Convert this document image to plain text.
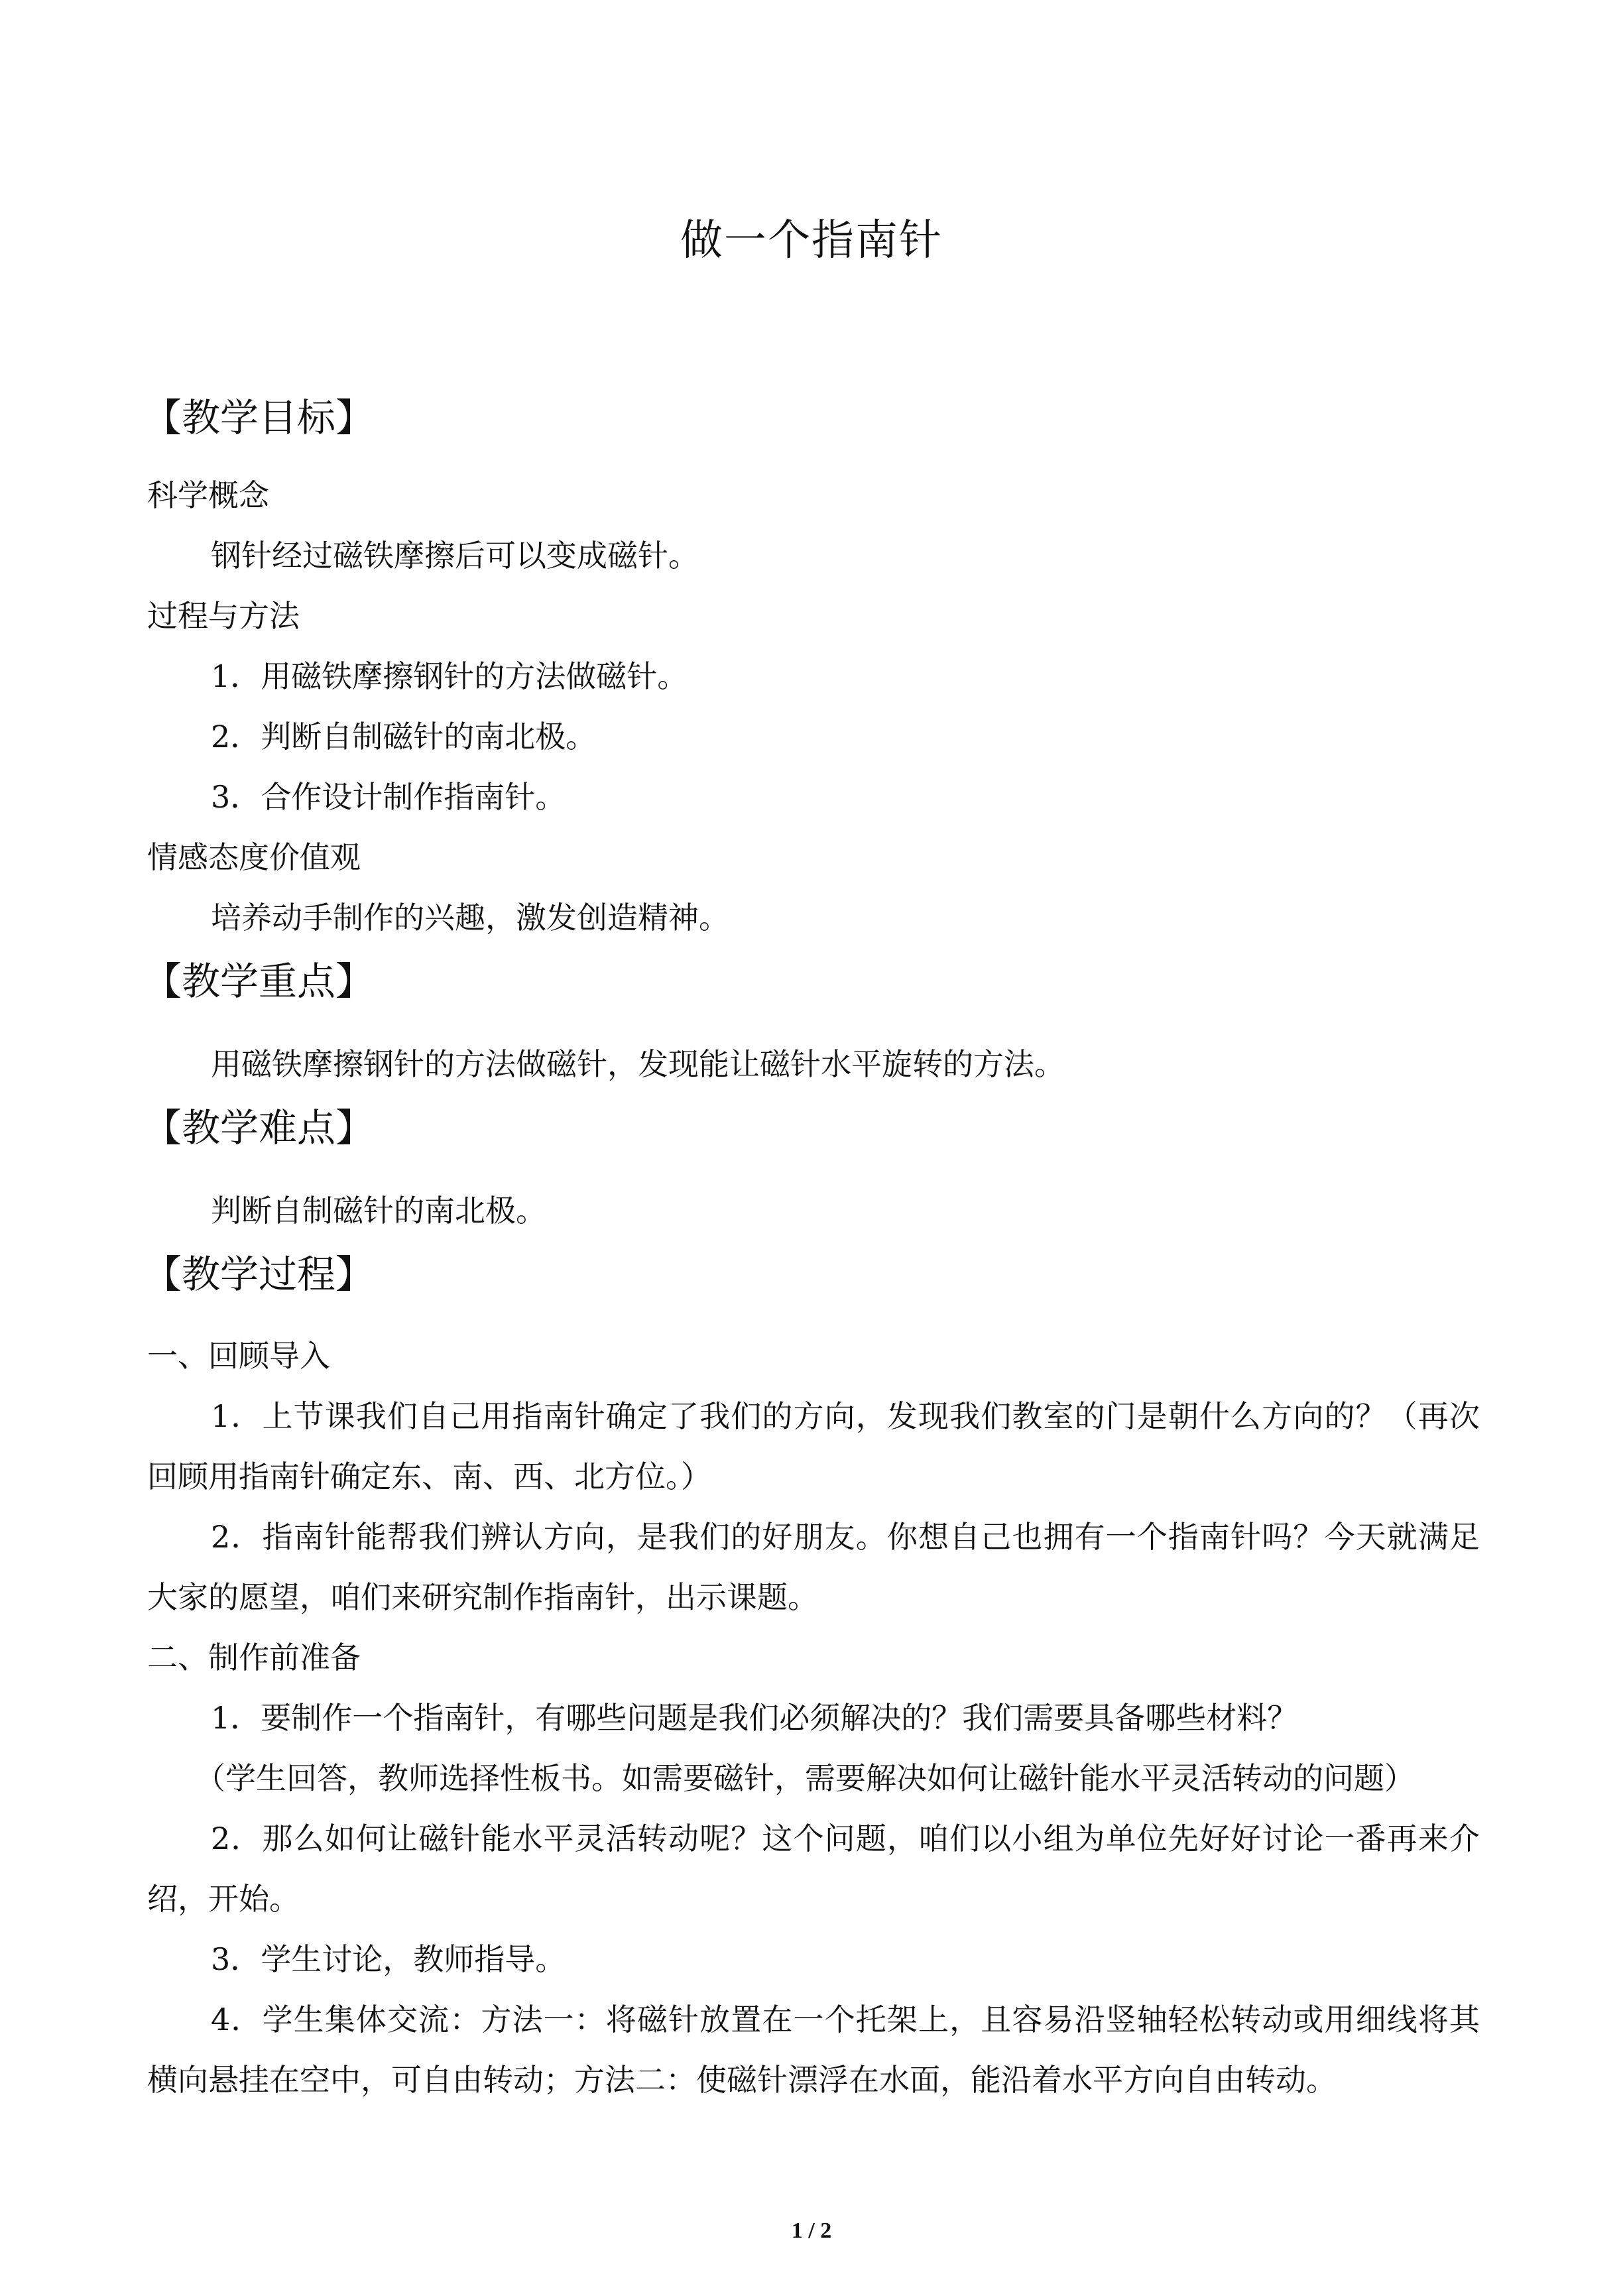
做一个指南针
【教学目标】
科学概念
钢针经过磁铁摩擦后可以变成磁针。
过程与方法
1．用磁铁摩擦钢针的方法做磁针。
2．判断自制磁针的南北极。
3．合作设计制作指南针。
情感态度价值观
培养动手制作的兴趣，激发创造精神。
【教学重点】
用磁铁摩擦钢针的方法做磁针，发现能让磁针水平旋转的方法。
【教学难点】
判断自制磁针的南北极。
【教学过程】
一、回顾导入
1．上节课我们自己用指南针确定了我们的方向，发现我们教室的门是朝什么方向的？（再次回顾用指南针确定东、南、西、北方位。）
2．指南针能帮我们辨认方向，是我们的好朋友。你想自己也拥有一个指南针吗？今天就满足大家的愿望，咱们来研究制作指南针，出示课题。
二、制作前准备
1．要制作一个指南针，有哪些问题是我们必须解决的？我们需要具备哪些材料？
（学生回答，教师选择性板书。如需要磁针，需要解决如何让磁针能水平灵活转动的问题）
2．那么如何让磁针能水平灵活转动呢？这个问题，咱们以小组为单位先好好讨论一番再来介绍，开始。
3．学生讨论，教师指导。
4．学生集体交流：方法一：将磁针放置在一个托架上，且容易沿竖轴轻松转动或用细线将其横向悬挂在空中，可自由转动；方法二：使磁针漂浮在水面，能沿着水平方向自由转动。
1 / 2
